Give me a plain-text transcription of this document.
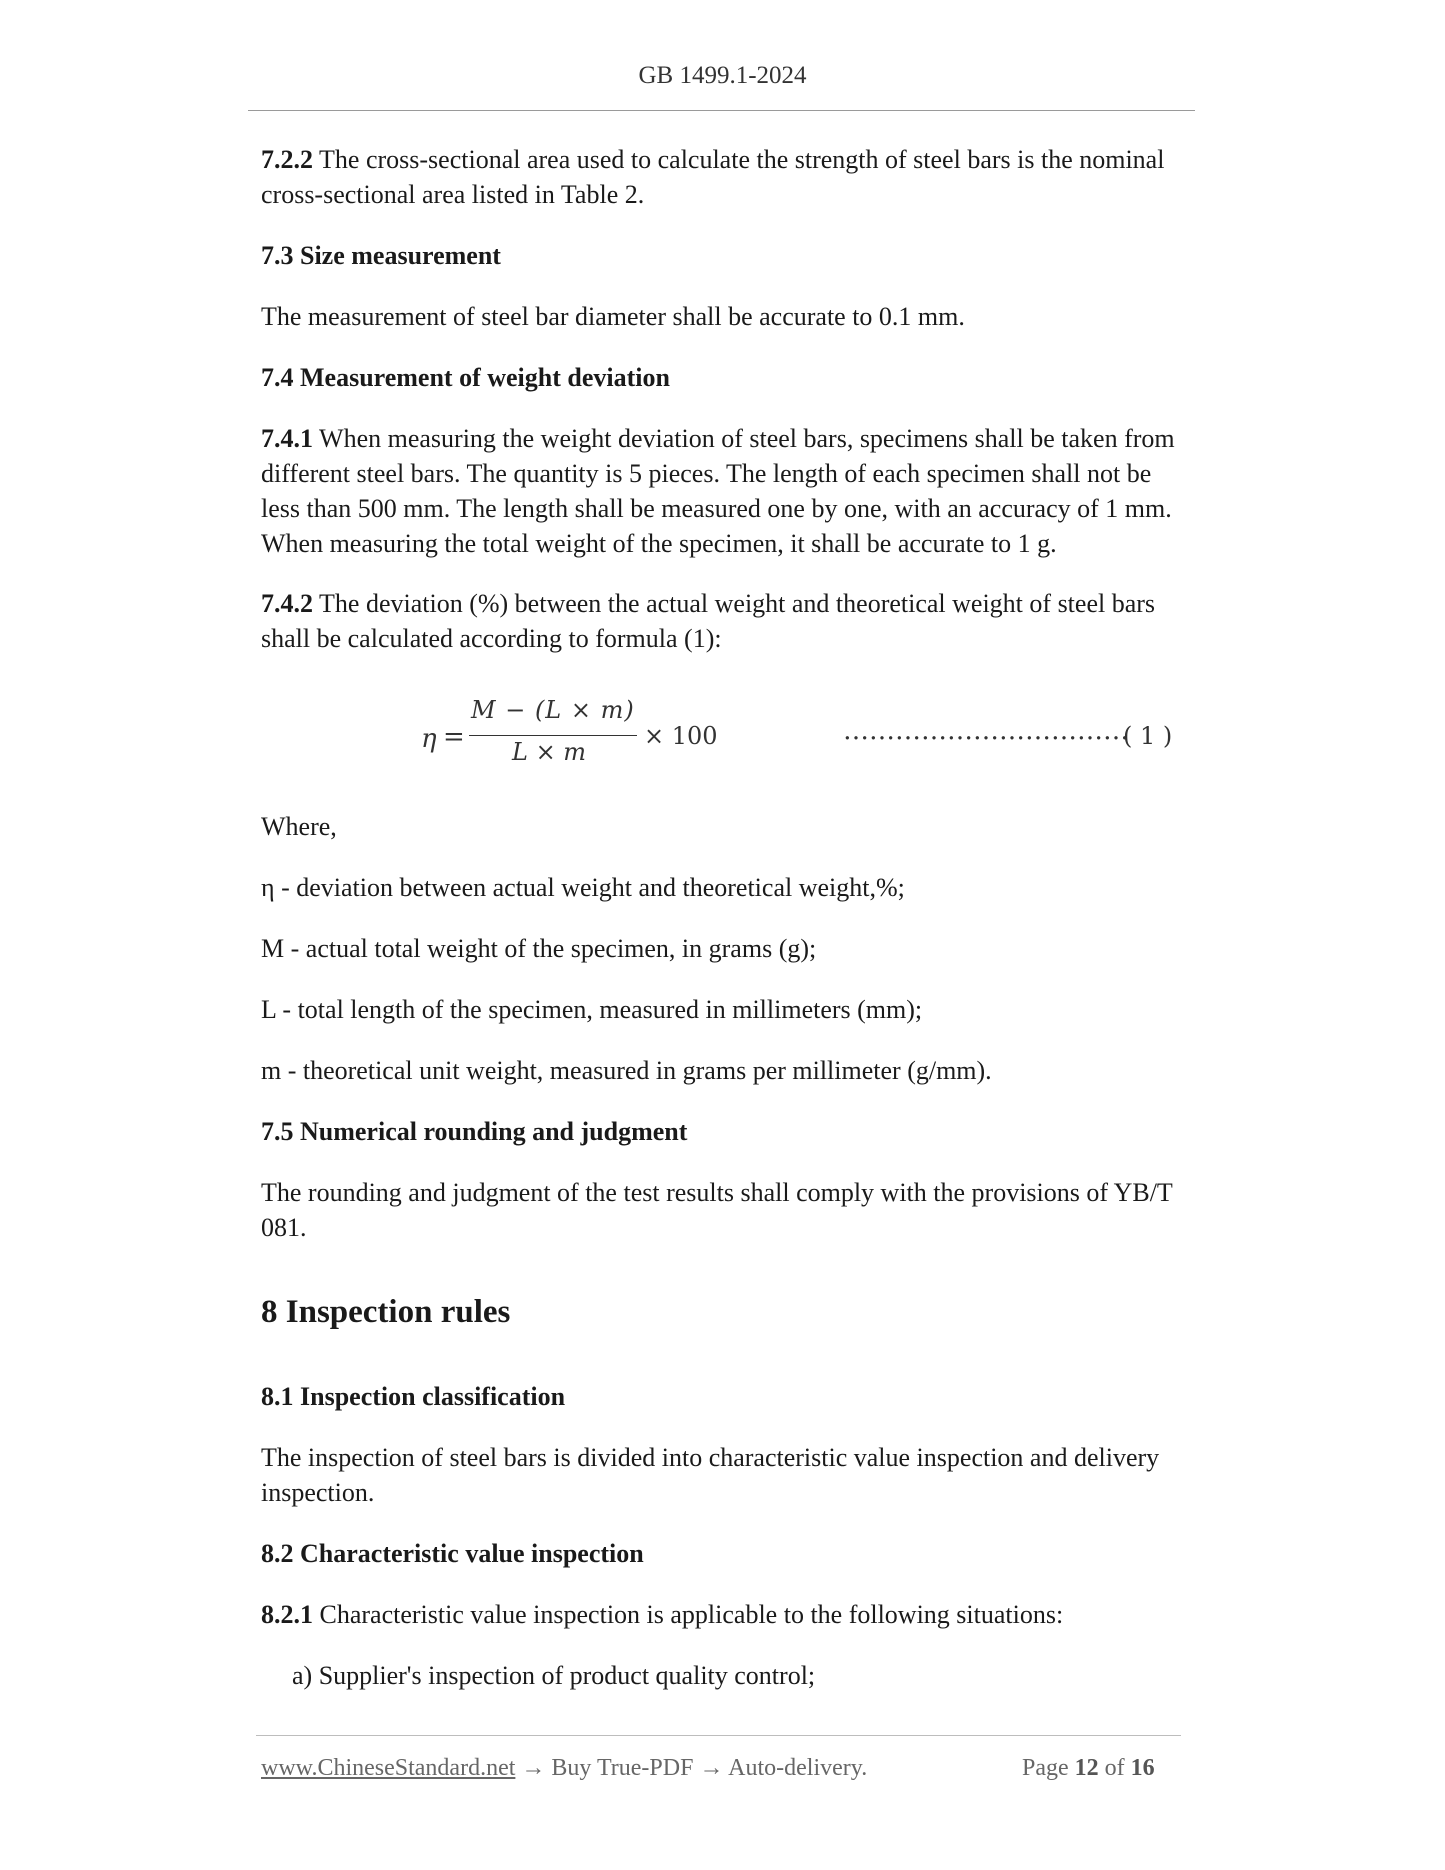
GB 1499.1-2024

7.2.2 The cross-sectional area used to calculate the strength of steel bars is the nominal cross-sectional area listed in Table 2.

7.3 Size measurement

The measurement of steel bar diameter shall be accurate to 0.1 mm.

7.4 Measurement of weight deviation

7.4.1 When measuring the weight deviation of steel bars, specimens shall be taken from different steel bars. The quantity is 5 pieces. The length of each specimen shall not be less than 500 mm. The length shall be measured one by one, with an accuracy of 1 mm. When measuring the total weight of the specimen, it shall be accurate to 1 g.

7.4.2 The deviation (%) between the actual weight and theoretical weight of steel bars shall be calculated according to formula (1):

η =
M − (L × m)
L × m
× 100	……………………………
( 1 )

Where,

η - deviation between actual weight and theoretical weight,%;

M - actual total weight of the specimen, in grams (g);

L - total length of the specimen, measured in millimeters (mm);

m - theoretical unit weight, measured in grams per millimeter (g/mm).

7.5 Numerical rounding and judgment

The rounding and judgment of the test results shall comply with the provisions of YB/T 081.

8 Inspection rules

8.1 Inspection classification

The inspection of steel bars is divided into characteristic value inspection and delivery inspection.

8.2 Characteristic value inspection

8.2.1 Characteristic value inspection is applicable to the following situations:

a) Supplier's inspection of product quality control;
www.ChineseStandard.net → Buy True-PDF → Auto-delivery.	Page 12 of 16
